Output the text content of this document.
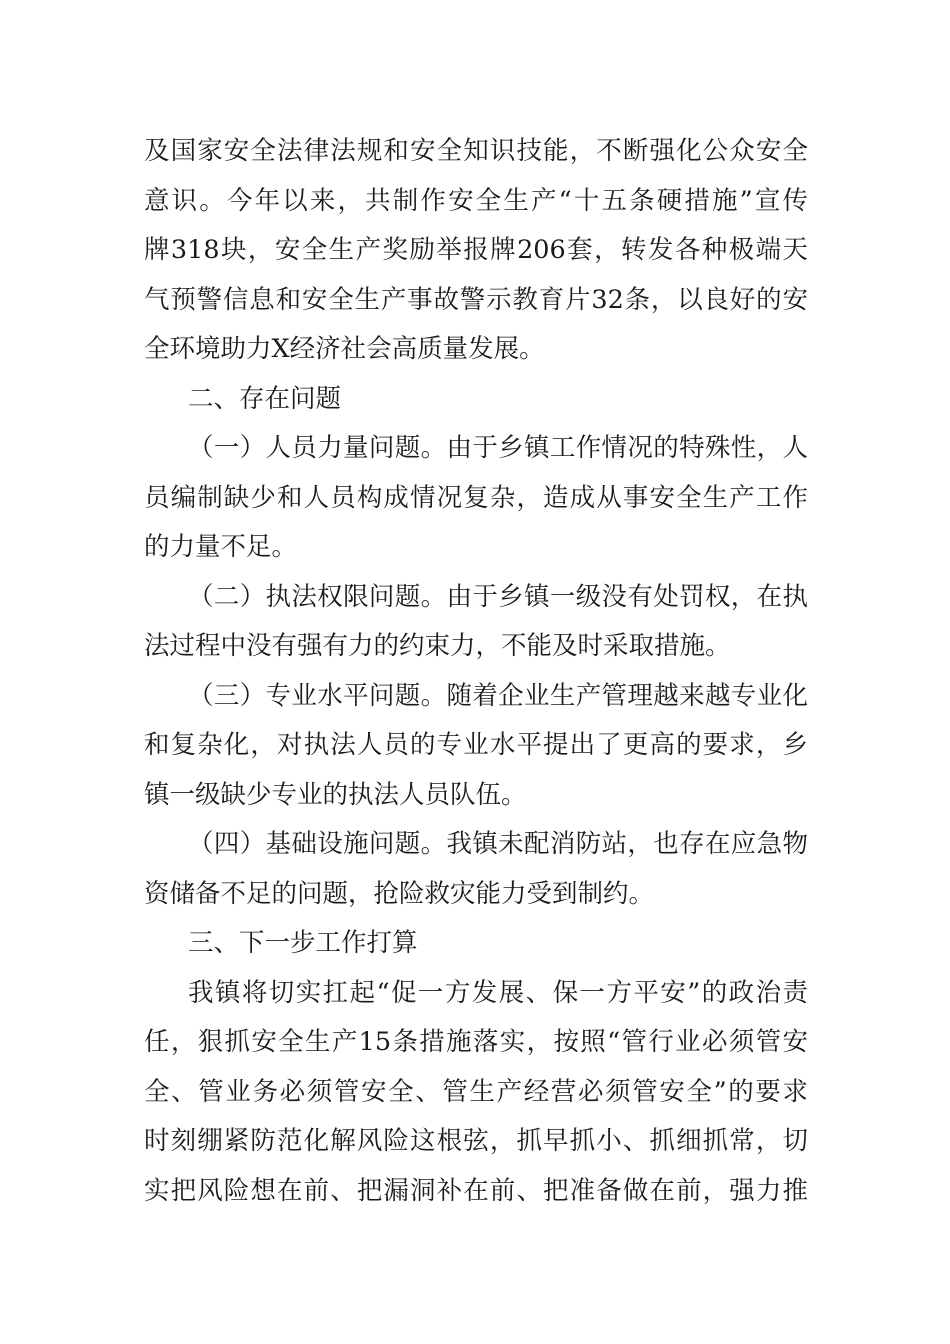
及国家安全法律法规和安全知识技能，不断强化公众安全
意识。今年以来，共制作安全生产“十五条硬措施”宣传
牌318块，安全生产奖励举报牌206套，转发各种极端天
气预警信息和安全生产事故警示教育片32条，以良好的安
全环境助力X经济社会高质量发展。
二、存在问题
（一）人员力量问题。由于乡镇工作情况的特殊性，人
员编制缺少和人员构成情况复杂，造成从事安全生产工作
的力量不足。
（二）执法权限问题。由于乡镇一级没有处罚权，在执
法过程中没有强有力的约束力，不能及时采取措施。
（三）专业水平问题。随着企业生产管理越来越专业化
和复杂化，对执法人员的专业水平提出了更高的要求，乡
镇一级缺少专业的执法人员队伍。
（四）基础设施问题。我镇未配消防站，也存在应急物
资储备不足的问题，抢险救灾能力受到制约。
三、下一步工作打算
我镇将切实扛起“促一方发展、保一方平安”的政治责
任，狠抓安全生产15条措施落实，按照“管行业必须管安
全、管业务必须管安全、管生产经营必须管安全”的要求
时刻绷紧防范化解风险这根弦，抓早抓小、抓细抓常，切
实把风险想在前、把漏洞补在前、把准备做在前，强力推
